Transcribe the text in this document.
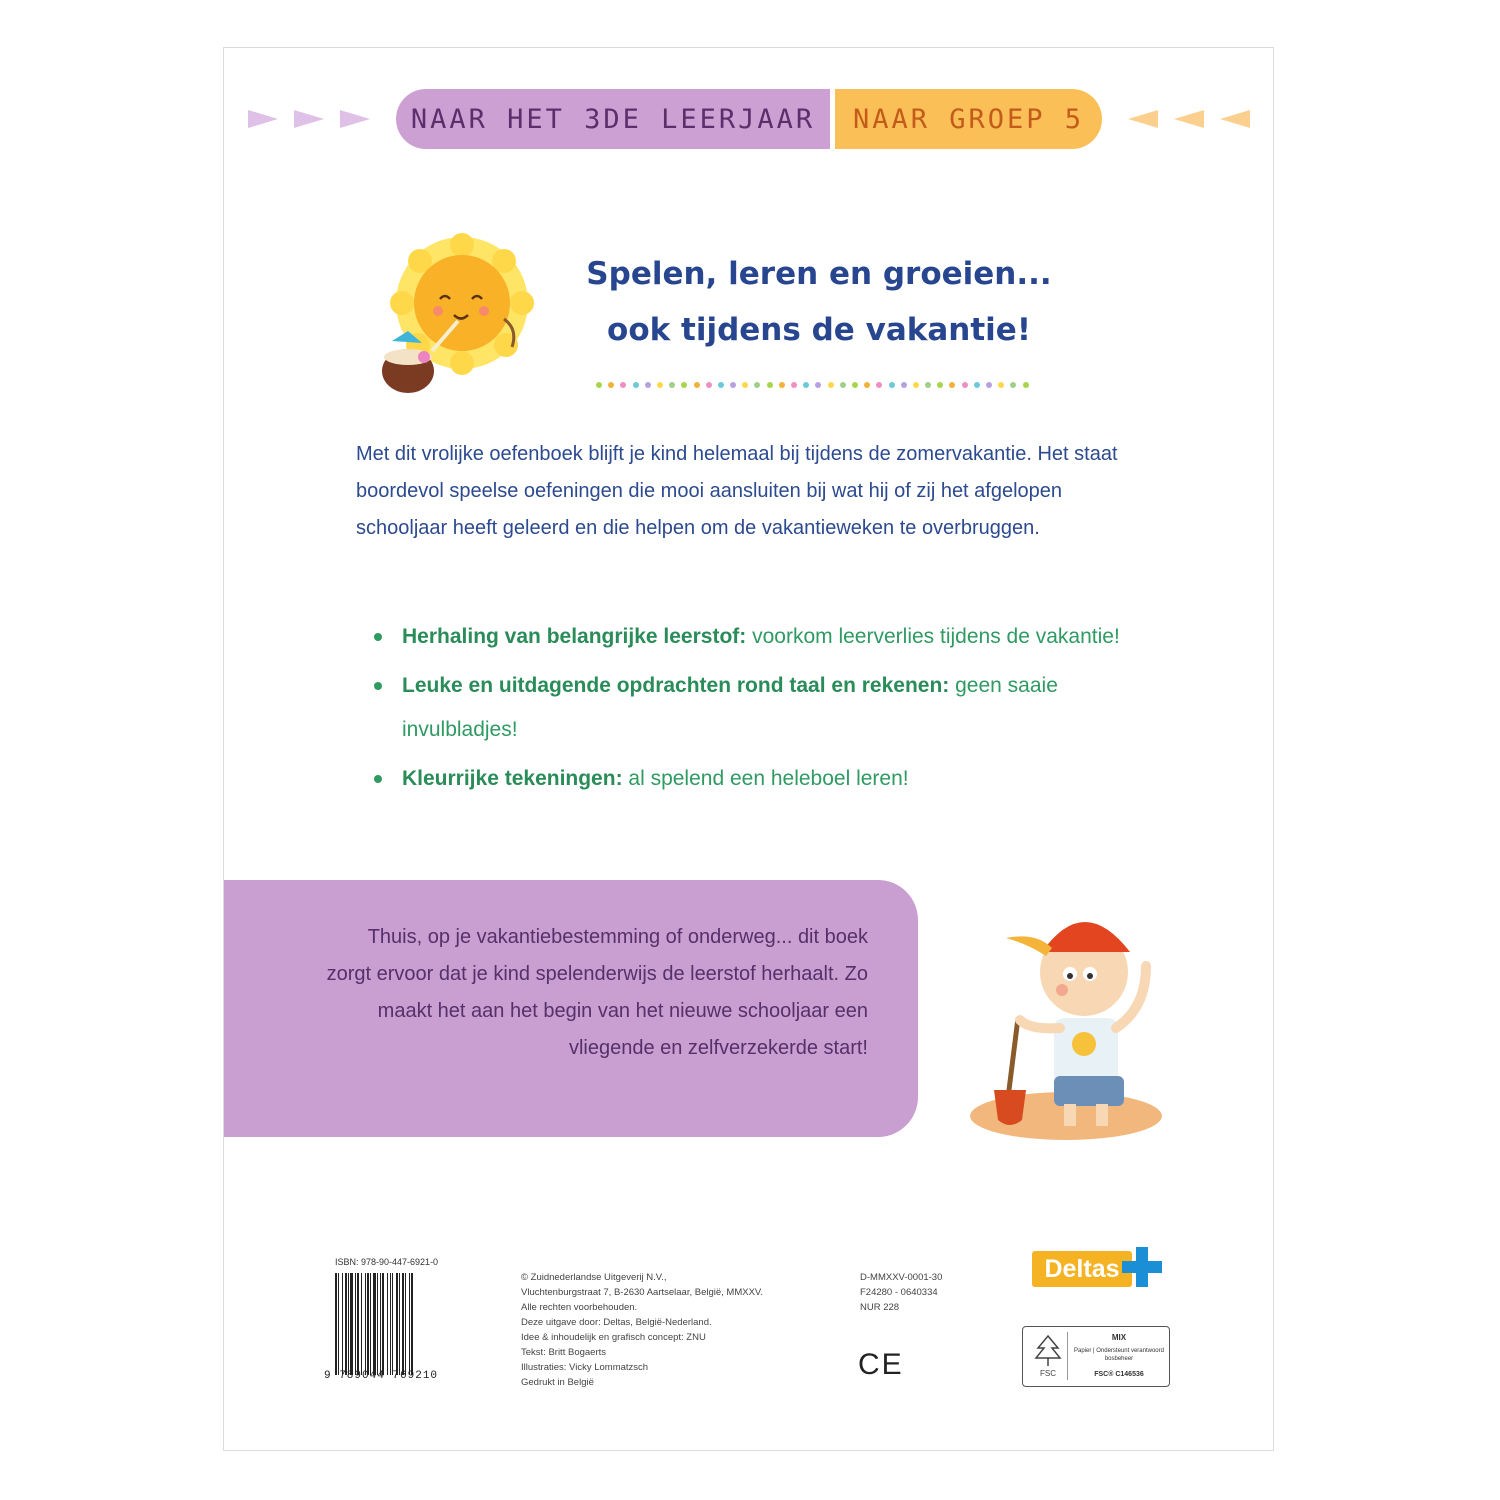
NAAR HET 3DE LEERJAAR	NAAR GROEP 5
Spelen, leren en groeien...
ook tijdens de vakantie!
Met dit vrolijke oefenboek blijft je kind helemaal bij tijdens de zomervakantie. Het staat boordevol speelse oefeningen die mooi aansluiten bij wat hij of zij het afgelopen schooljaar heeft geleerd en die helpen om de vakantieweken te overbruggen.
Herhaling van belangrijke leerstof: voorkom leerverlies tijdens de vakantie!
Leuke en uitdagende opdrachten rond taal en rekenen: geen saaie invulbladjes!
Kleurrijke tekeningen: al spelend een heleboel leren!
Thuis, op je vakantiebestemming of onderweg... dit boek zorgt ervoor dat je kind spelenderwijs de leerstof herhaalt. Zo maakt het aan het begin van het nieuwe schooljaar een vliegende en zelfverzekerde start!
ISBN: 978-90-447-6921-0
9 789044 769210
© Zuidnederlandse Uitgeverij N.V.,
Vluchtenburgstraat 7, B-2630 Aartselaar, België, MMXXV.
Alle rechten voorbehouden.
Deze uitgave door: Deltas, België-Nederland.
Idee & inhoudelijk en grafisch concept: ZNU
Tekst: Britt Bogaerts
Illustraties: Vicky Lommatzsch
Gedrukt in België
D-MMXXV-0001-30
F24280 - 0640334
NUR 228
CE
Deltas
FSC
MIX
Papier | Ondersteunt verantwoord bosbeheer
FSC® C146536
